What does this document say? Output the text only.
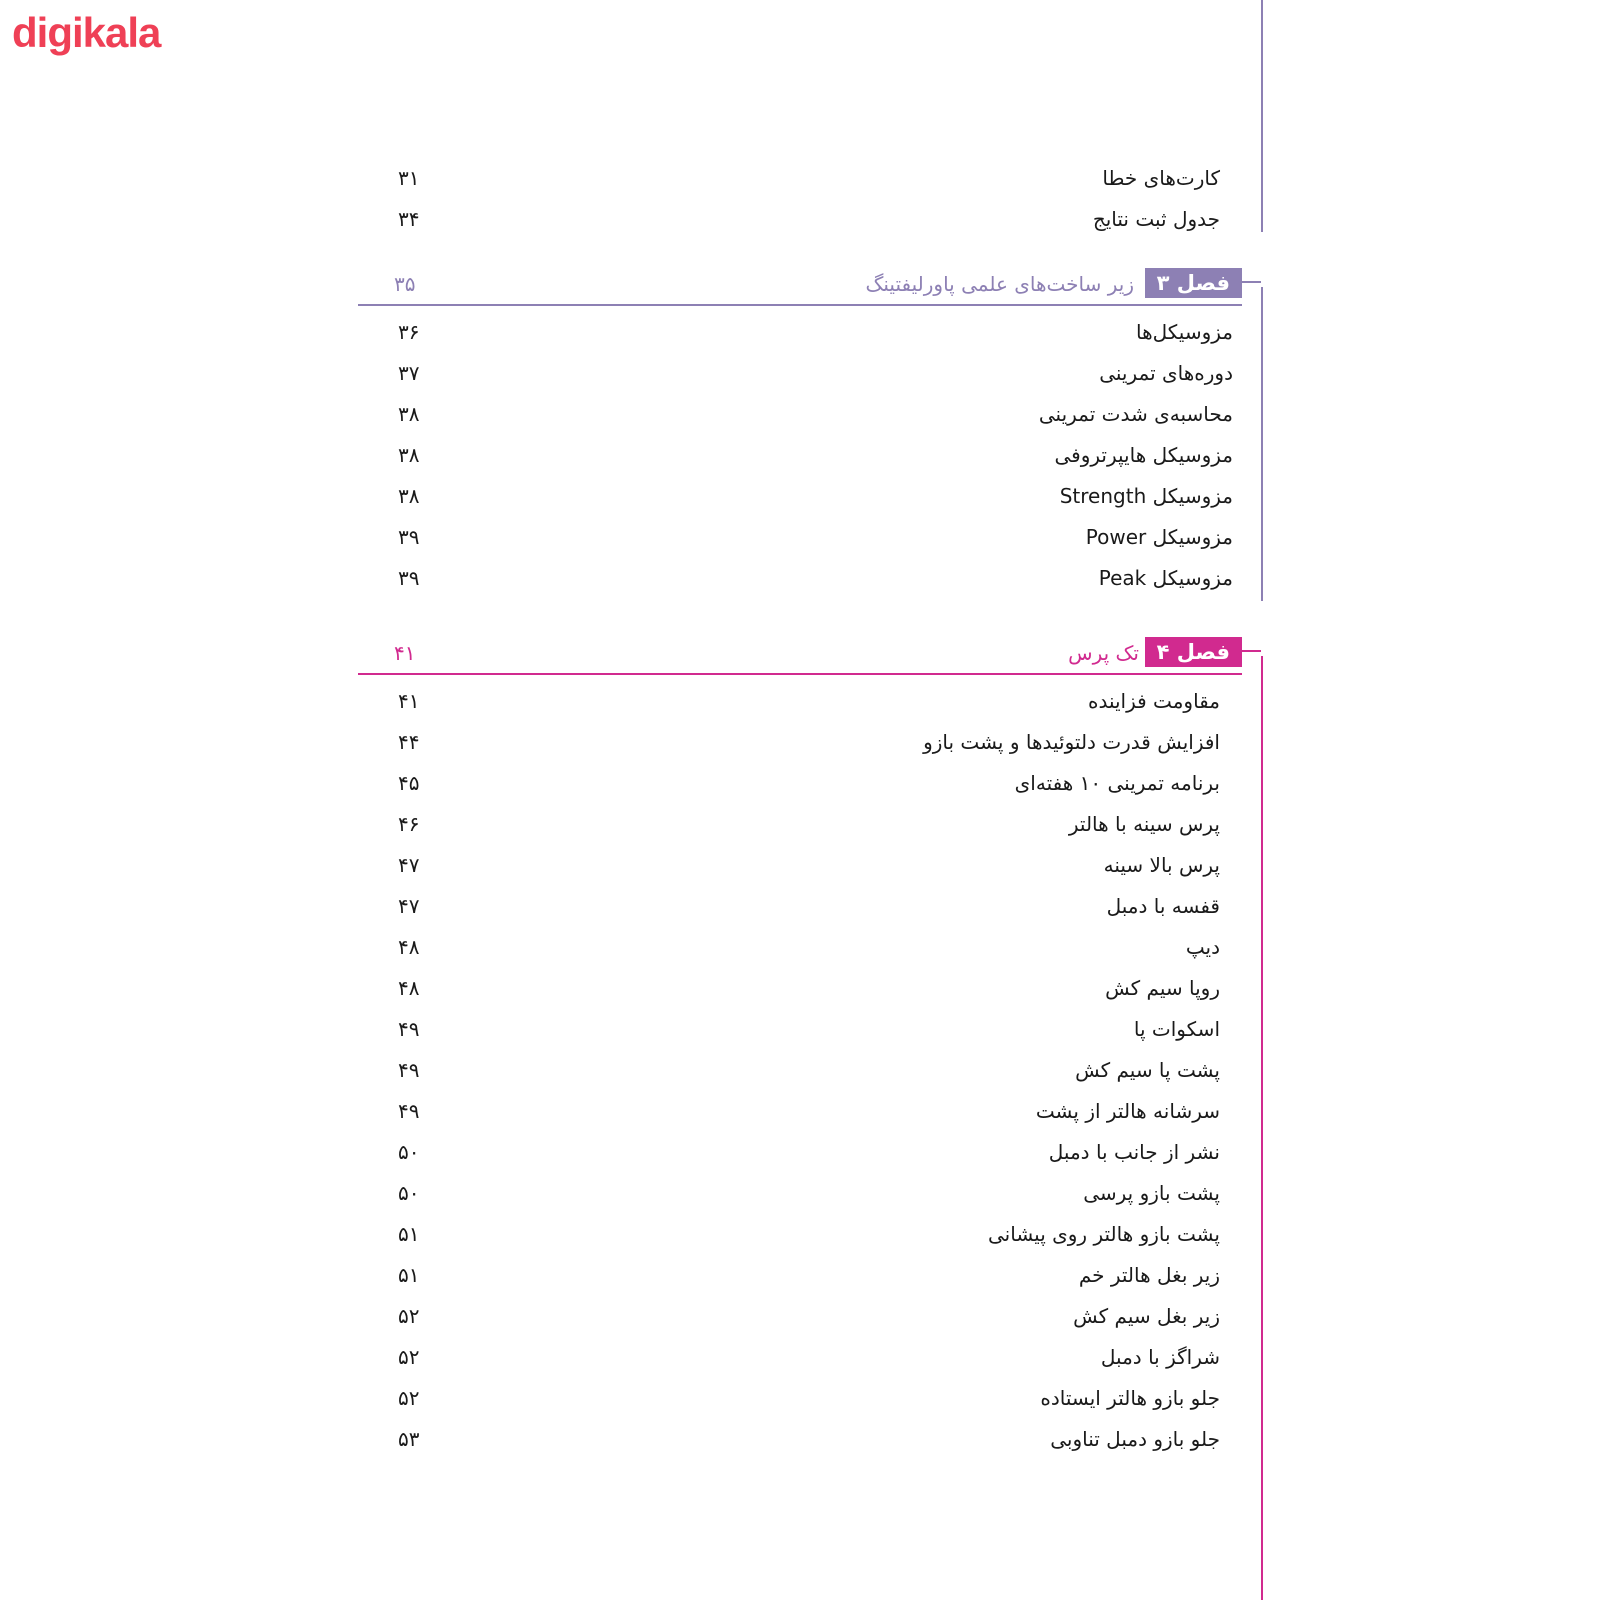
digikala
کارت‌های خطا
۳۱
جدول ثبت نتایج
۳۴
فصل ۳
زیر ساخت‌های علمی پاورلیفتینگ
۳۵
مزوسیکل‌ها
۳۶
دوره‌های تمرینی
۳۷
محاسبه‌ی شدت تمرینی
۳۸
مزوسیکل هایپرتروفی
۳۸
مزوسیکل Strength
۳۸
مزوسیکل Power
۳۹
مزوسیکل Peak
۳۹
فصل ۴
تک پرس
۴۱
مقاومت فزاینده
۴۱
افزایش قدرت دلتوئیدها و پشت بازو
۴۴
برنامه تمرینی ۱۰ هفته‌ای
۴۵
پرس سینه با هالتر
۴۶
پرس بالا سینه
۴۷
قفسه با دمبل
۴۷
دیپ
۴۸
روپا سیم کش
۴۸
اسکوات پا
۴۹
پشت پا سیم کش
۴۹
سرشانه هالتر از پشت
۴۹
نشر از جانب با دمبل
۵۰
پشت بازو پرسی
۵۰
پشت بازو هالتر روی پیشانی
۵۱
زیر بغل هالتر خم
۵۱
زیر بغل سیم کش
۵۲
شراگز با دمبل
۵۲
جلو بازو هالتر ایستاده
۵۲
جلو بازو دمبل تناوبی
۵۳
